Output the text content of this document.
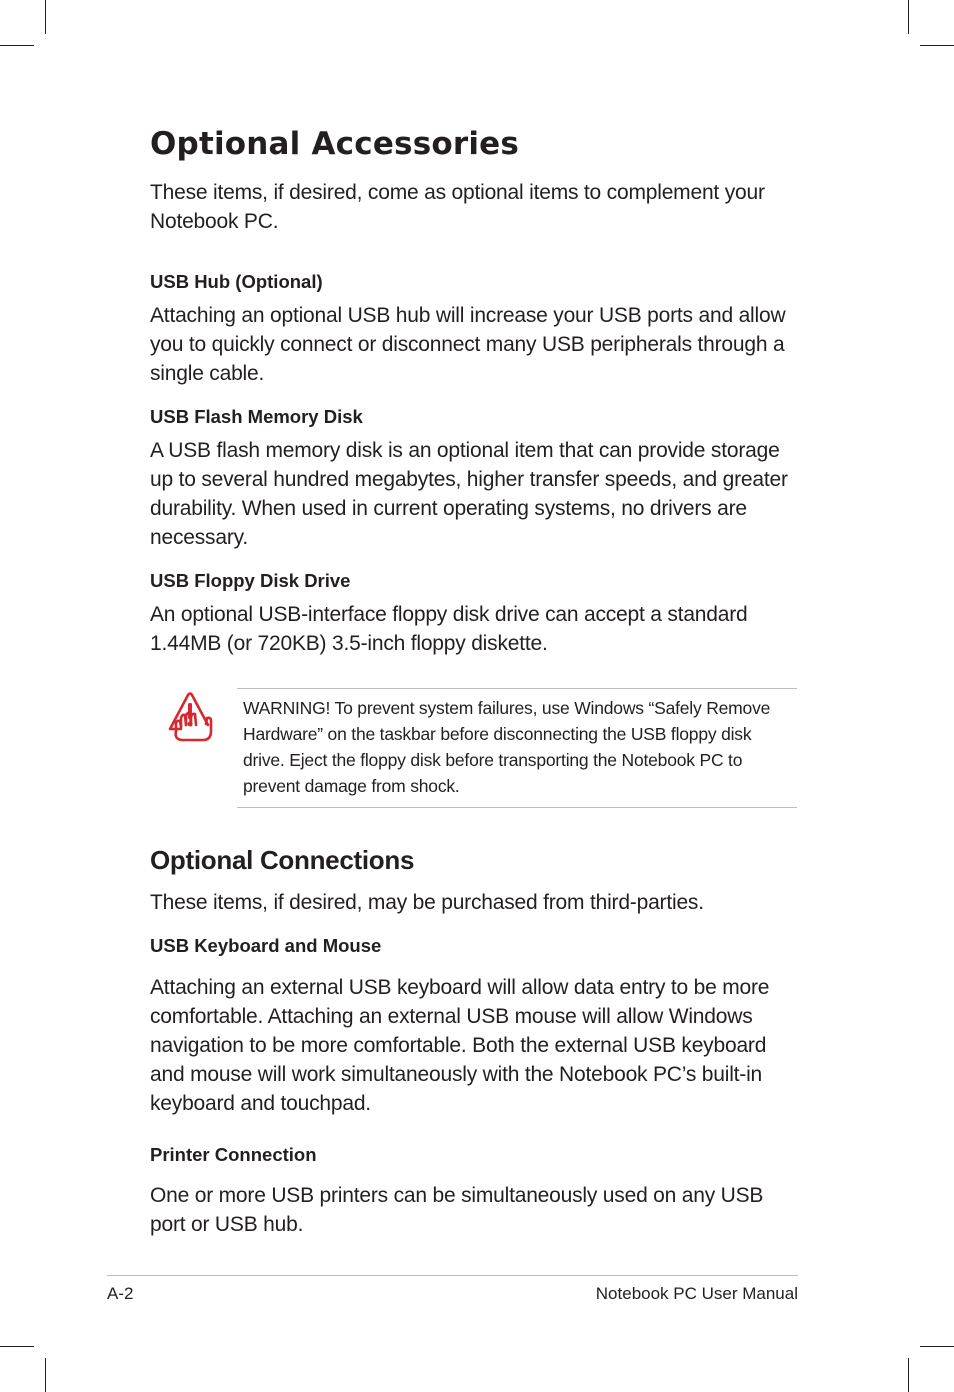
Optional Accessories

These items, if desired, come as optional items to complement your Notebook PC.

USB Hub (Optional)

Attaching an optional USB hub will increase your USB ports and allow you to quickly connect or disconnect many USB peripherals through a single cable.

USB Flash Memory Disk

A USB flash memory disk is an optional item that can provide storage up to several hundred megabytes, higher transfer speeds, and greater durability. When used in current operating systems, no drivers are necessary.

USB Floppy Disk Drive

An optional USB-interface floppy disk drive can accept a standard 1.44MB (or 720KB) 3.5-inch floppy diskette.

WARNING! To prevent system failures, use Windows “Safely Remove Hardware” on the taskbar before disconnecting the USB floppy disk drive. Eject the floppy disk before transporting the Notebook PC to prevent damage from shock.

Optional Connections

These items, if desired, may be purchased from third-parties.

USB Keyboard and Mouse

Attaching an external USB keyboard will allow data entry to be more comfortable. Attaching an external USB mouse will allow Windows navigation to be more comfortable. Both the external USB keyboard and mouse will work simultaneously with the Notebook PC’s built-in keyboard and touchpad.

Printer Connection

One or more USB printers can be simultaneously used on any USB port or USB hub.

A-2	Notebook PC User Manual
